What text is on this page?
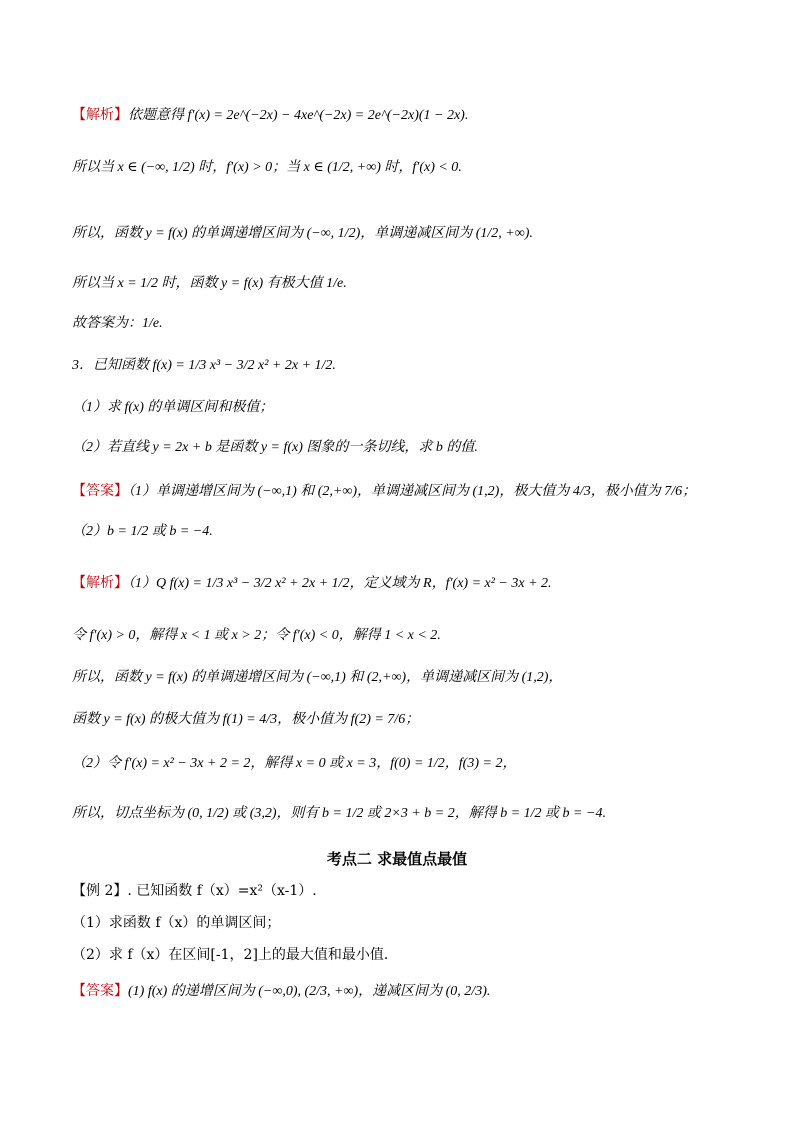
【解析】依题意得 f′(x) = 2e^(−2x) − 4xe^(−2x) = 2e^(−2x)(1 − 2x).
所以当 x ∈ (−∞, 1/2) 时，f′(x) > 0；当 x ∈ (1/2, +∞) 时，f′(x) < 0.
所以，函数 y = f(x) 的单调递增区间为 (−∞, 1/2)，单调递减区间为 (1/2, +∞).
所以当 x = 1/2 时，函数 y = f(x) 有极大值 1/e.
故答案为：1/e.
3．已知函数 f(x) = 1/3 x³ − 3/2 x² + 2x + 1/2.
（1）求 f(x) 的单调区间和极值；
（2）若直线 y = 2x + b 是函数 y = f(x) 图象的一条切线，求 b 的值.
【答案】（1）单调递增区间为 (−∞,1) 和 (2,+∞)，单调递减区间为 (1,2)，极大值为 4/3，极小值为 7/6；
（2）b = 1/2 或 b = −4.
【解析】（1）Q f(x) = 1/3 x³ − 3/2 x² + 2x + 1/2，定义域为 R，f′(x) = x² − 3x + 2.
令 f′(x) > 0，解得 x < 1 或 x > 2；令 f′(x) < 0，解得 1 < x < 2.
所以，函数 y = f(x) 的单调递增区间为 (−∞,1) 和 (2,+∞)，单调递减区间为 (1,2)，
函数 y = f(x) 的极大值为 f(1) = 4/3，极小值为 f(2) = 7/6；
（2）令 f′(x) = x² − 3x + 2 = 2，解得 x = 0 或 x = 3，f(0) = 1/2，f(3) = 2，
所以，切点坐标为 (0, 1/2) 或 (3,2)，则有 b = 1/2 或 2×3 + b = 2，解得 b = 1/2 或 b = −4.
考点二 求最值点最值
【例 2】. 已知函数 f（x）=x²（x-1）.
（1）求函数 f（x）的单调区间；
（2）求 f（x）在区间[-1，2]上的最大值和最小值．
【答案】(1) f(x) 的递增区间为 (−∞,0), (2/3, +∞)，递减区间为 (0, 2/3).
